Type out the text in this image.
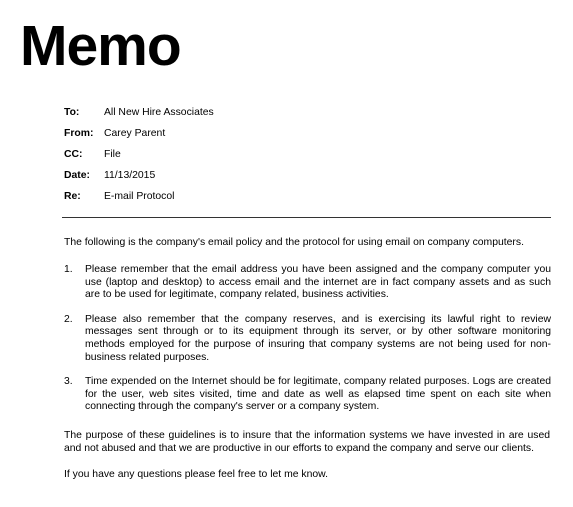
Memo
To:	All New Hire Associates
From:	Carey Parent
CC:	File
Date:	11/13/2015
Re:	E-mail Protocol

The following is the company's email policy and the protocol for using email on company computers.

1.	Please remember that the email address you have been assigned and the company computer you use (laptop and desktop) to access email and the internet are in fact company assets and as such are to be used for legitimate, company related, business activities.
2.	Please also remember that the company reserves, and is exercising its lawful right to review messages sent through or to its equipment through its server, or by other software monitoring methods employed for the purpose of insuring that company systems are not being used for non-business related purposes.
3.	Time expended on the Internet should be for legitimate, company related purposes. Logs are created for the user, web sites visited, time and date as well as elapsed time spent on each site when connecting through the company's server or a company system.

The purpose of these guidelines is to insure that the information systems we have invested in are used and not abused and that we are productive in our efforts to expand the company and serve our clients.

If you have any questions please feel free to let me know.
